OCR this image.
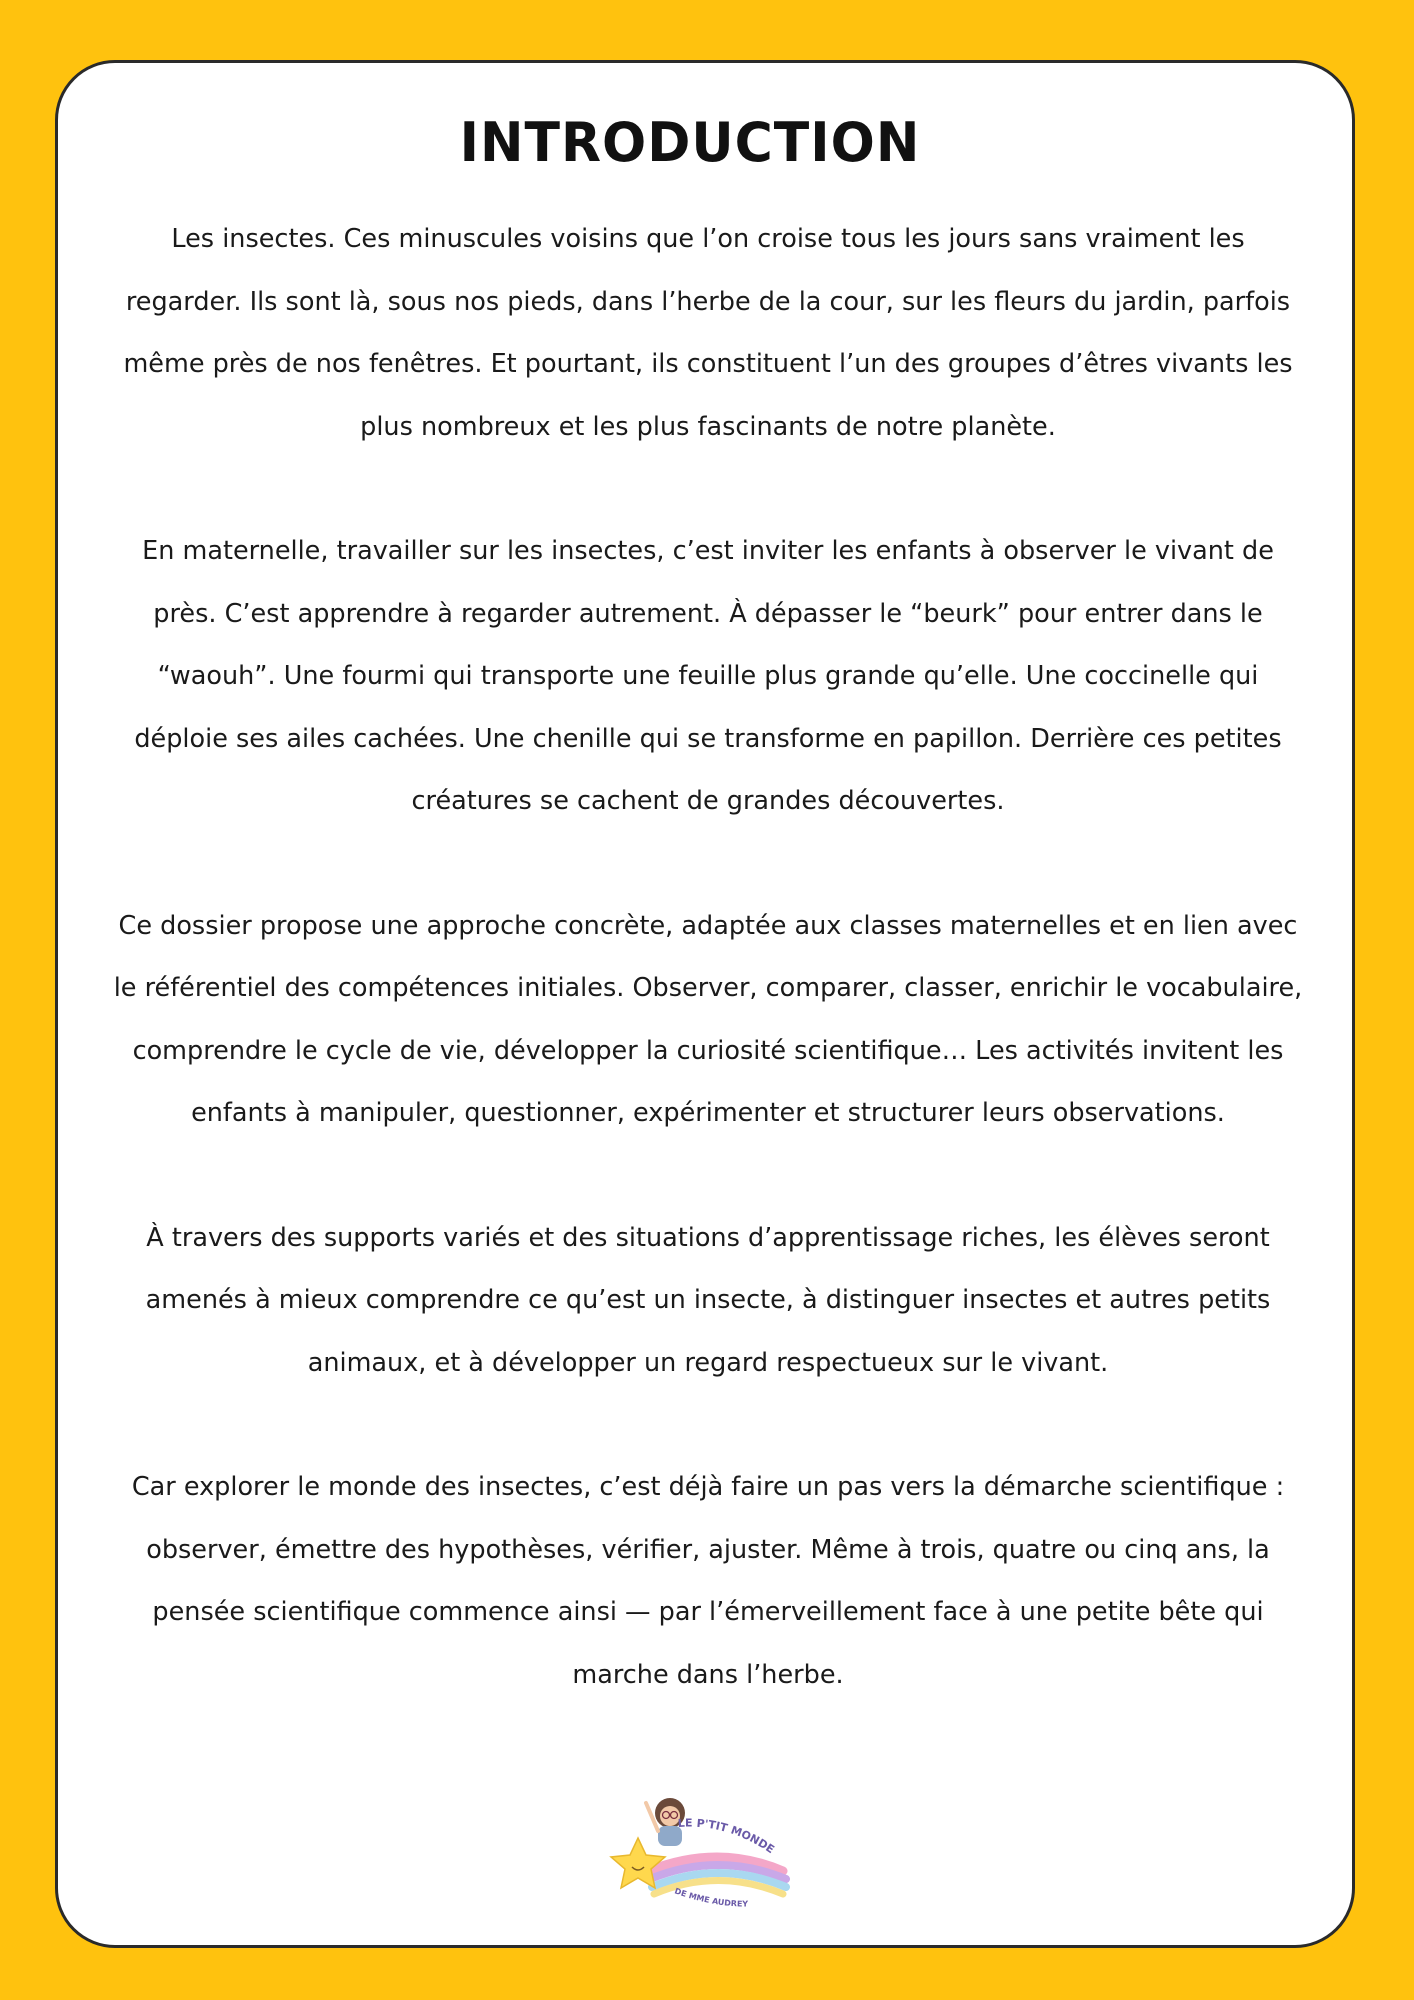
INTRODUCTION

Les insectes. Ces minuscules voisins que l’on croise tous les jours sans vraiment les regarder. Ils sont là, sous nos pieds, dans l’herbe de la cour, sur les fleurs du jardin, parfois même près de nos fenêtres. Et pourtant, ils constituent l’un des groupes d’êtres vivants les plus nombreux et les plus fascinants de notre planète.

En maternelle, travailler sur les insectes, c’est inviter les enfants à observer le vivant de près. C’est apprendre à regarder autrement. À dépasser le “beurk” pour entrer dans le “waouh”. Une fourmi qui transporte une feuille plus grande qu’elle. Une coccinelle qui déploie ses ailes cachées. Une chenille qui se transforme en papillon. Derrière ces petites créatures se cachent de grandes découvertes.

Ce dossier propose une approche concrète, adaptée aux classes maternelles et en lien avec le référentiel des compétences initiales. Observer, comparer, classer, enrichir le vocabulaire, comprendre le cycle de vie, développer la curiosité scientifique… Les activités invitent les enfants à manipuler, questionner, expérimenter et structurer leurs observations.

À travers des supports variés et des situations d’apprentissage riches, les élèves seront amenés à mieux comprendre ce qu’est un insecte, à distinguer insectes et autres petits animaux, et à développer un regard respectueux sur le vivant.

Car explorer le monde des insectes, c’est déjà faire un pas vers la démarche scientifique : observer, émettre des hypothèses, vérifier, ajuster. Même à trois, quatre ou cinq ans, la pensée scientifique commence ainsi — par l’émerveillement face à une petite bête qui marche dans l’herbe.

LE P'TIT MONDE
DE MME AUDREY
